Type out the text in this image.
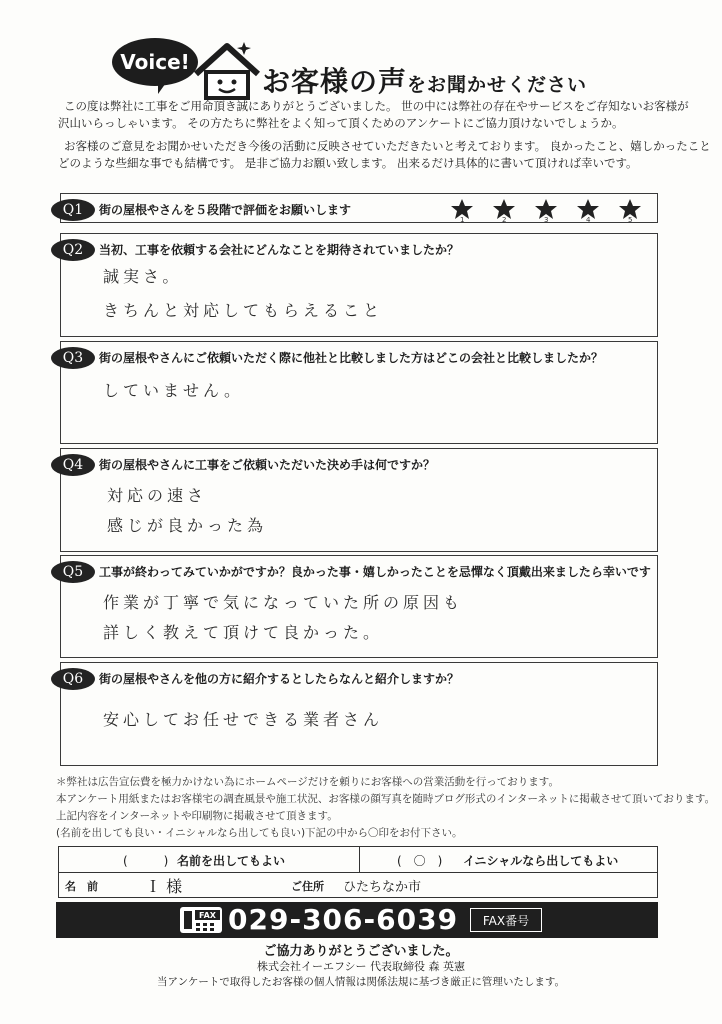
Voice!
お客様の声をお聞かせください
この度は弊社に工事をご用命頂き誠にありがとうございました。 世の中には弊社の存在やサービスをご存知ないお客様が
沢山いらっしゃいます。 その方たちに弊社をよく知って頂くためのアンケートにご協力頂けないでしょうか。
お客様のご意見をお聞かせいただき今後の活動に反映させていただきたいと考えております。 良かったこと、嬉しかったこと
どのような些細な事でも結構です。 是非ご協力お願い致します。 出来るだけ具体的に書いて頂ければ幸いです。
Q1	街の屋根やさんを５段階で評価をお願いします
1	2	3	4	5
Q2	当初、工事を依頼する会社にどんなことを期待されていましたか？
誠実さ。
きちんと対応してもらえること
Q3	街の屋根やさんにご依頼いただく際に他社と比較しました方はどこの会社と比較しましたか？
していません。
Q4	街の屋根やさんに工事をご依頼いただいた決め手は何ですか？
対応の速さ
感じが良かった為
Q5	工事が終わってみていかがですか？良かった事・嬉しかったことを忌憚なく頂戴出来ましたら幸いです
作業が丁寧で気になっていた所の原因も
詳しく教えて頂けて良かった。
Q6	街の屋根やさんを他の方に紹介するとしたらなんと紹介しますか？
安心してお任せできる業者さん
＊弊社は広告宣伝費を極力かけない為にホームページだけを頼りにお客様への営業活動を行っております。
本アンケート用紙またはお客様宅の調査風景や施工状況、お客様の顔写真を随時ブログ形式のインターネットに掲載させて頂いております。
上記内容をインターネットや印刷物に掲載させて頂きます。
(名前を出しても良い・イニシャルなら出しても良い)下記の中から〇印をお付下さい。
(　　　) 名前を出してもよい	(　〇　) イニシャルなら出してもよい
名　前	Ｉ 様	ご住所 ひたちなか市
FAX 029-306-6039	FAX番号
ご協力ありがとうございました。
株式会社イーエフシー 代表取締役 森 英憲
当アンケートで取得したお客様の個人情報は関係法規に基づき厳正に管理いたします。
